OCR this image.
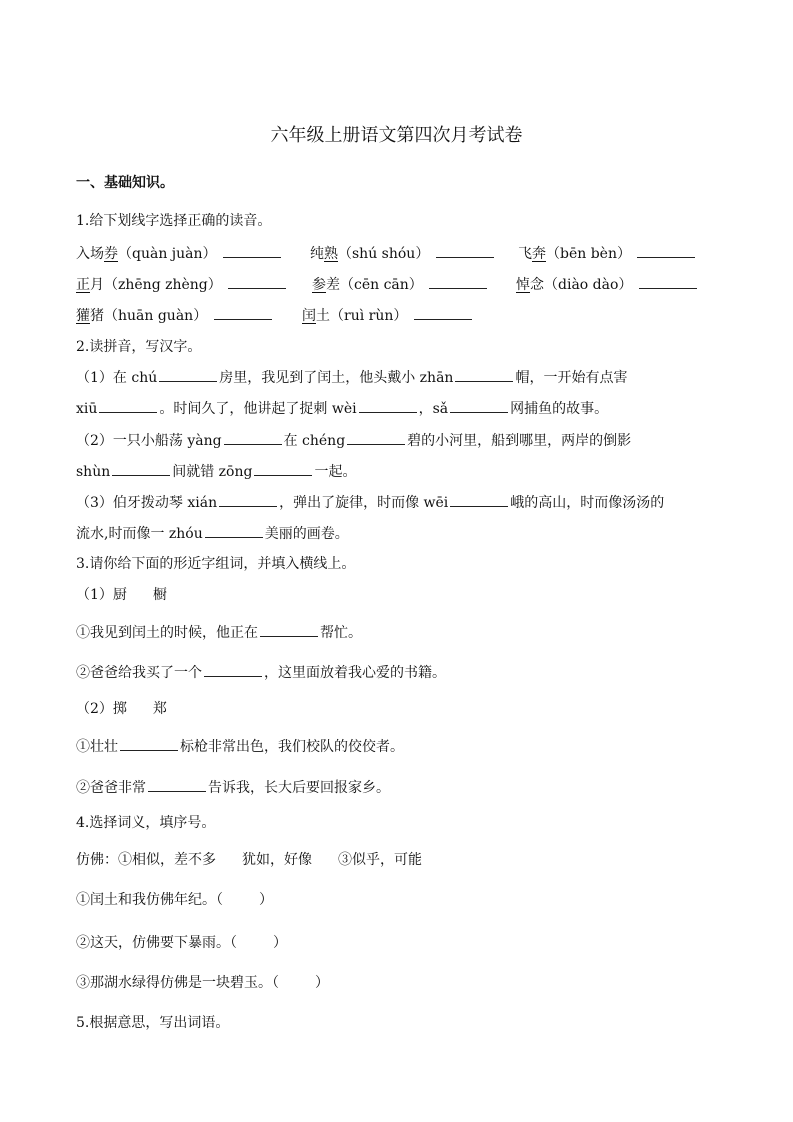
六年级上册语文第四次月考试卷
一、基础知识。
1.给下划线字选择正确的读音。
入场券（quàn juàn）	纯熟（shú shóu）	飞奔（bēn bèn）
正月（zhēng zhèng）	参差（cēn cān）	悼念（diào dào）
獾猪（huān guàn）	闰土（ruì rùn）
2.读拼音，写汉字。
（1）在 chú	房里，我见到了闰土，他头戴小 zhān	帽，一开始有点害
xiū	。时间久了，他讲起了捉刺 wèi	，sǎ	网捕鱼的故事。
（2）一只小船荡 yàng	在 chéng	碧的小河里，船到哪里，两岸的倒影
shùn	间就错 zōng	一起。
（3）伯牙拨动琴 xián	，弹出了旋律，时而像 wēi	峨的高山，时而像汤汤的
流水,时而像一 zhóu	美丽的画卷。
3.请你给下面的形近字组词，并填入横线上。
（1）厨 橱
①我见到闰土的时候，他正在	帮忙。
②爸爸给我买了一个	，这里面放着我心爱的书籍。
（2）掷 郑
①壮壮	标枪非常出色，我们校队的佼佼者。
②爸爸非常	告诉我，长大后要回报家乡。
4.选择词义，填序号。
仿佛：①相似，差不多 犹如，好像 ③似乎，可能
①闰土和我仿佛年纪。（	）
②这天，仿佛要下暴雨。（	）
③那湖水绿得仿佛是一块碧玉。（	）
5.根据意思，写出词语。
